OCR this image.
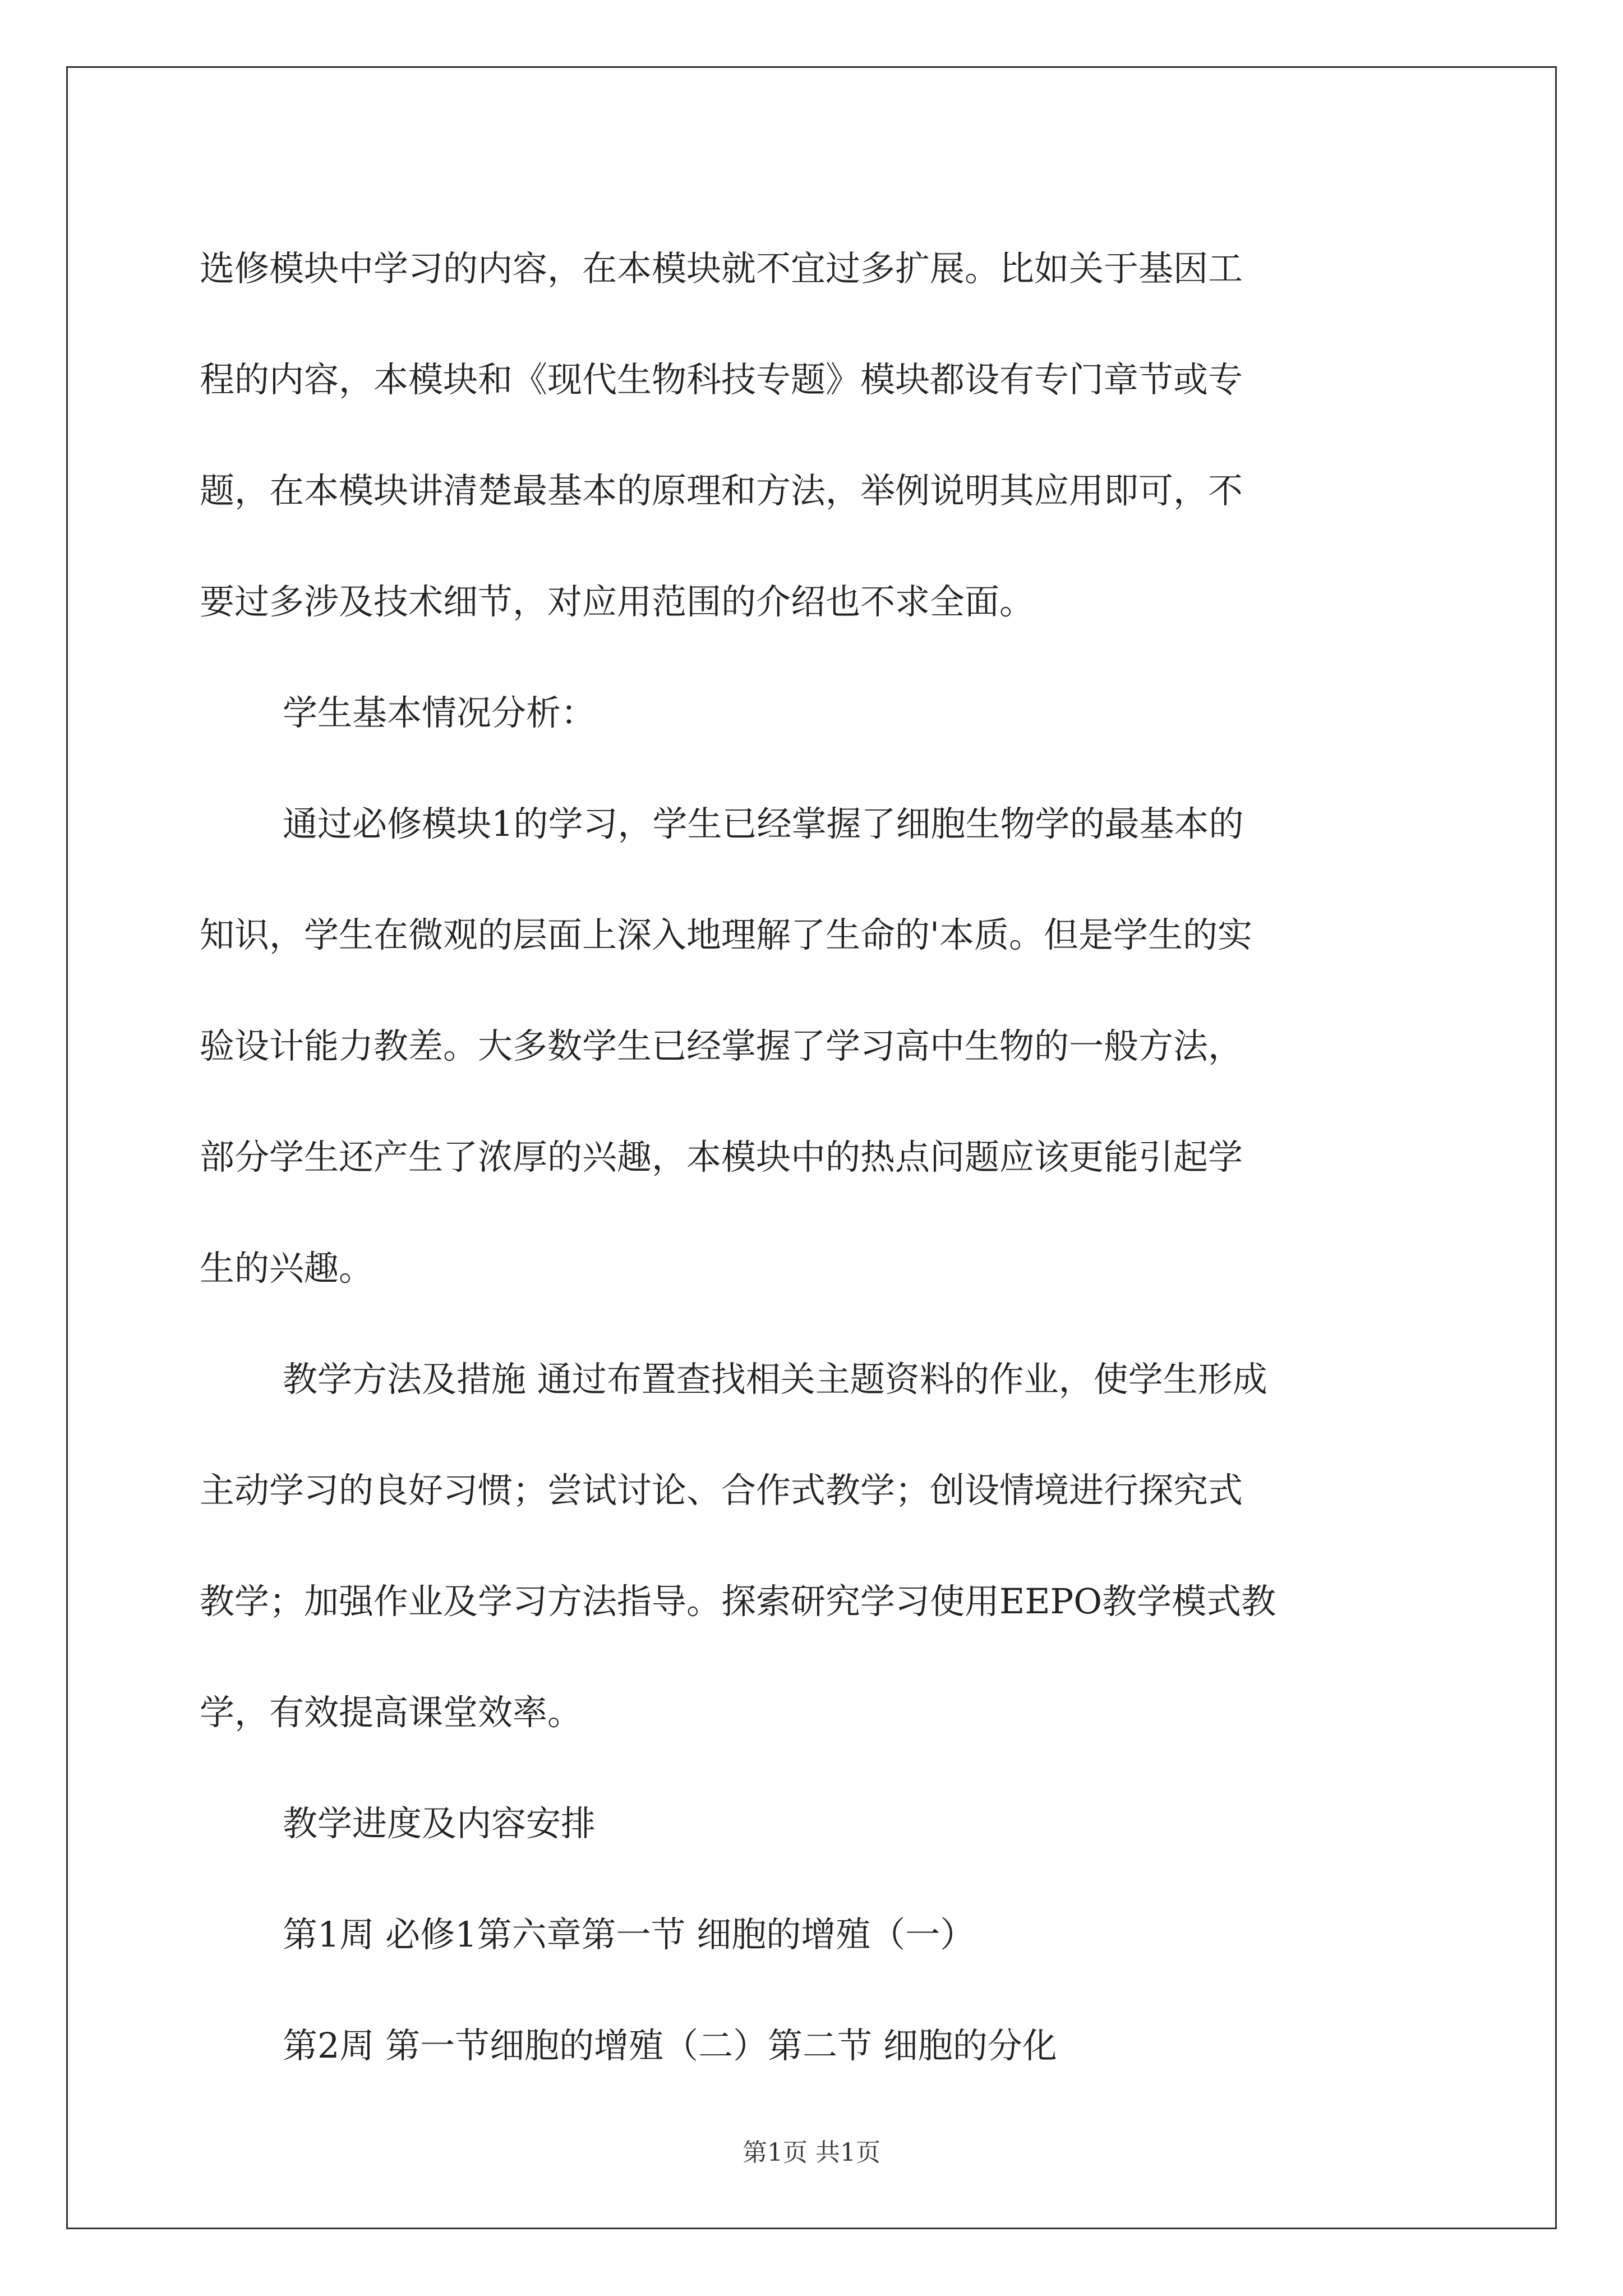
选修模块中学习的内容，在本模块就不宜过多扩展。比如关于基因工
程的内容，本模块和《现代生物科技专题》模块都设有专门章节或专
题，在本模块讲清楚最基本的原理和方法，举例说明其应用即可，不
要过多涉及技术细节，对应用范围的介绍也不求全面。
学生基本情况分析：
通过必修模块1的学习，学生已经掌握了细胞生物学的最基本的
知识，学生在微观的层面上深入地理解了生命的'本质。但是学生的实
验设计能力教差。大多数学生已经掌握了学习高中生物的一般方法，
部分学生还产生了浓厚的兴趣，本模块中的热点问题应该更能引起学
生的兴趣。
教学方法及措施 通过布置查找相关主题资料的作业，使学生形成
主动学习的良好习惯；尝试讨论、合作式教学；创设情境进行探究式
教学；加强作业及学习方法指导。探索研究学习使用EEPO教学模式教
学，有效提高课堂效率。
教学进度及内容安排
第1周 必修1第六章第一节 细胞的增殖（一）
第2周 第一节细胞的增殖（二）第二节 细胞的分化
第1页 共1页
